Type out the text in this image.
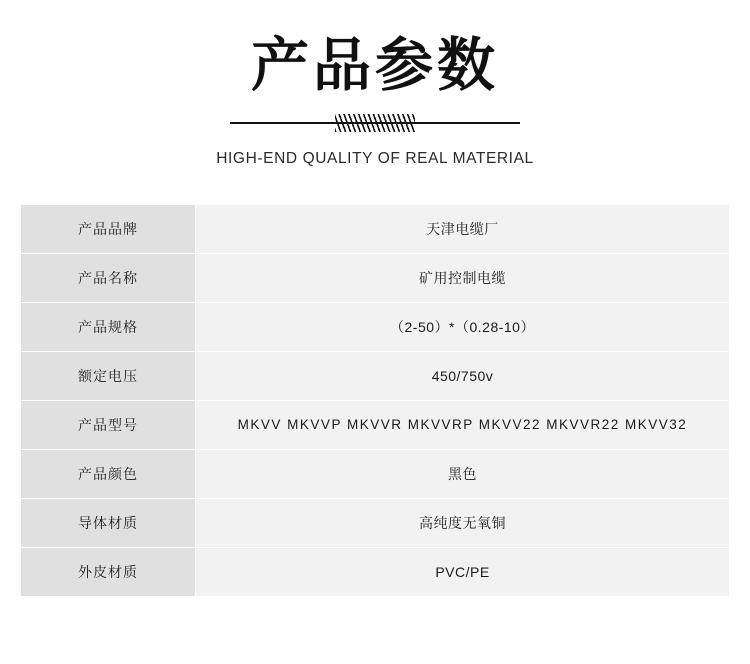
产品参数

HIGH-END QUALITY OF REAL MATERIAL

产品品牌	天津电缆厂
产品名称	矿用控制电缆
产品规格	（2-50）*（0.28-10）
额定电压	450/750v
产品型号	MKVV MKVVP MKVVR MKVVRP MKVV22 MKVVR22 MKVV32
产品颜色	黑色
导体材质	高纯度无氧铜
外皮材质	PVC/PE
